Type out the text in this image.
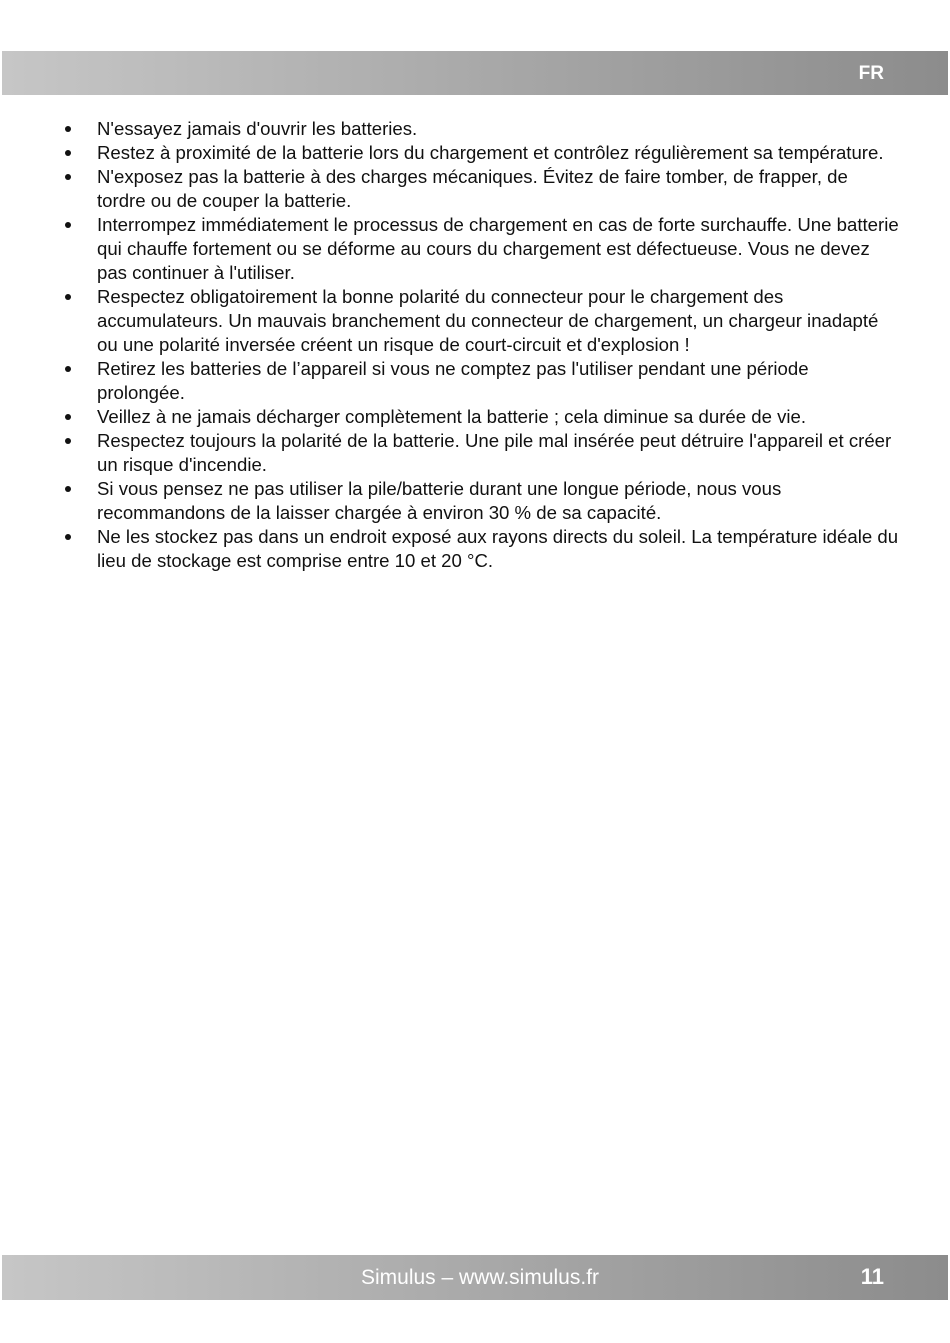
FR

N'essayez jamais d'ouvrir les batteries.
Restez à proximité de la batterie lors du chargement et contrôlez régulièrement sa température.
N'exposez pas la batterie à des charges mécaniques. Évitez de faire tomber, de frapper, de tordre ou de couper la batterie.
Interrompez immédiatement le processus de chargement en cas de forte surchauffe. Une batterie qui chauffe fortement ou se déforme au cours du chargement est défectueuse. Vous ne devez pas continuer à l'utiliser.
Respectez obligatoirement la bonne polarité du connecteur pour le chargement des accumulateurs. Un mauvais branchement du connecteur de chargement, un chargeur inadapté ou une polarité inversée créent un risque de court-circuit et d'explosion !
Retirez les batteries de l’appareil si vous ne comptez pas l'utiliser pendant une période prolongée.
Veillez à ne jamais décharger complètement la batterie ; cela diminue sa durée de vie.
Respectez toujours la polarité de la batterie. Une pile mal insérée peut détruire l'appareil et créer un risque d'incendie.
Si vous pensez ne pas utiliser la pile/batterie durant une longue période, nous vous recommandons de la laisser chargée à environ 30 % de sa capacité.
Ne les stockez pas dans un endroit exposé aux rayons directs du soleil. La température idéale du lieu de stockage est comprise entre 10 et 20 °C.

Simulus – www.simulus.fr	11
